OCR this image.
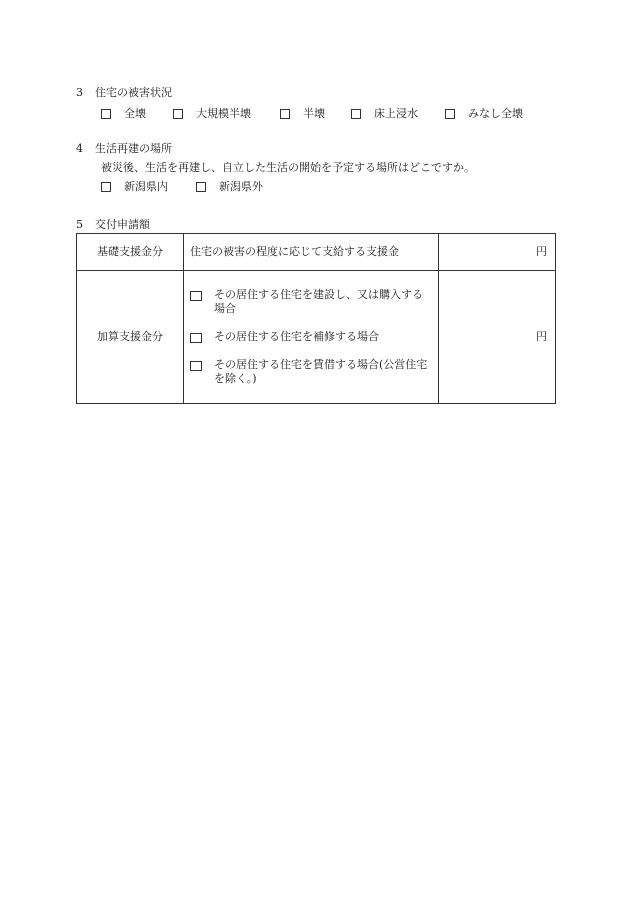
3	住宅の被害状況
全壊	大規模半壊	半壊	床上浸水	みなし全壊
4	生活再建の場所
被災後、生活を再建し、自立した生活の開始を予定する場所はどこですか。
新潟県内	新潟県外
5	交付申請額
基礎支援金分	住宅の被害の程度に応じて支給する支援金	円
加算支援金分	その居住する住宅を建設し、又は購入する場合
その居住する住宅を補修する場合
その居住する住宅を賃借する場合(公営住宅を除く。)	円
